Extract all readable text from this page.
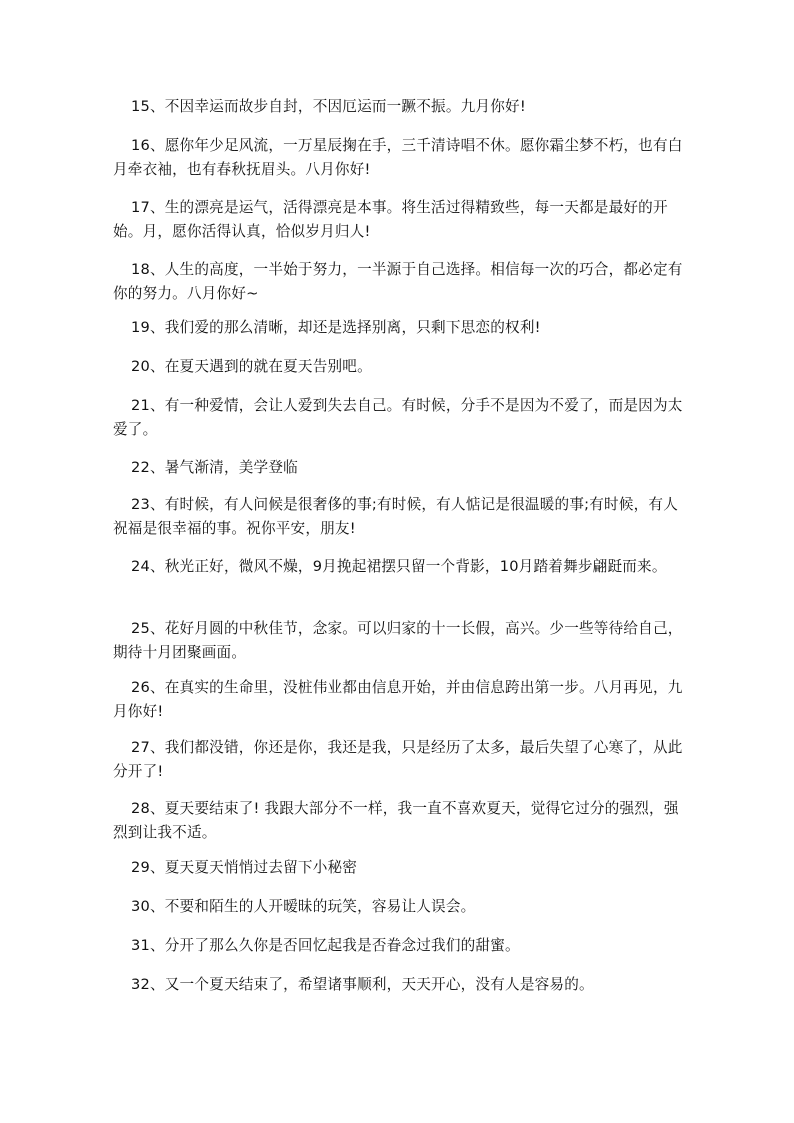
15、不因幸运而故步自封，不因厄运而一蹶不振。九月你好!

16、愿你年少足风流，一万星辰掬在手，三千清诗唱不休。愿你霜尘梦不朽，也有白月牵衣袖，也有春秋抚眉头。八月你好!

17、生的漂亮是运气，活得漂亮是本事。将生活过得精致些，每一天都是最好的开始。月，愿你活得认真，恰似岁月归人!

18、人生的高度，一半始于努力，一半源于自己选择。相信每一次的巧合，都必定有你的努力。八月你好~

19、我们爱的那么清晰，却还是选择别离，只剩下思恋的权利!

20、在夏天遇到的就在夏天告别吧。

21、有一种爱情，会让人爱到失去自己。有时候，分手不是因为不爱了，而是因为太爱了。

22、暑气渐清，美学登临

23、有时候，有人问候是很奢侈的事;有时候，有人惦记是很温暖的事;有时候，有人祝福是很幸福的事。祝你平安，朋友!

24、秋光正好，微风不燥，9月挽起裙摆只留一个背影，10月踏着舞步翩跹而来。

25、花好月圆的中秋佳节，念家。可以归家的十一长假，高兴。少一些等待给自己，期待十月团聚画面。

26、在真实的生命里，没桩伟业都由信息开始，并由信息跨出第一步。八月再见，九月你好!

27、我们都没错，你还是你，我还是我，只是经历了太多，最后失望了心寒了，从此分开了!

28、夏天要结束了! 我跟大部分不一样，我一直不喜欢夏天，觉得它过分的强烈，强烈到让我不适。

29、夏天夏天悄悄过去留下小秘密

30、不要和陌生的人开暧昧的玩笑，容易让人误会。

31、分开了那么久你是否回忆起我是否眷念过我们的甜蜜。

32、又一个夏天结束了，希望诸事顺利，天天开心，没有人是容易的。
